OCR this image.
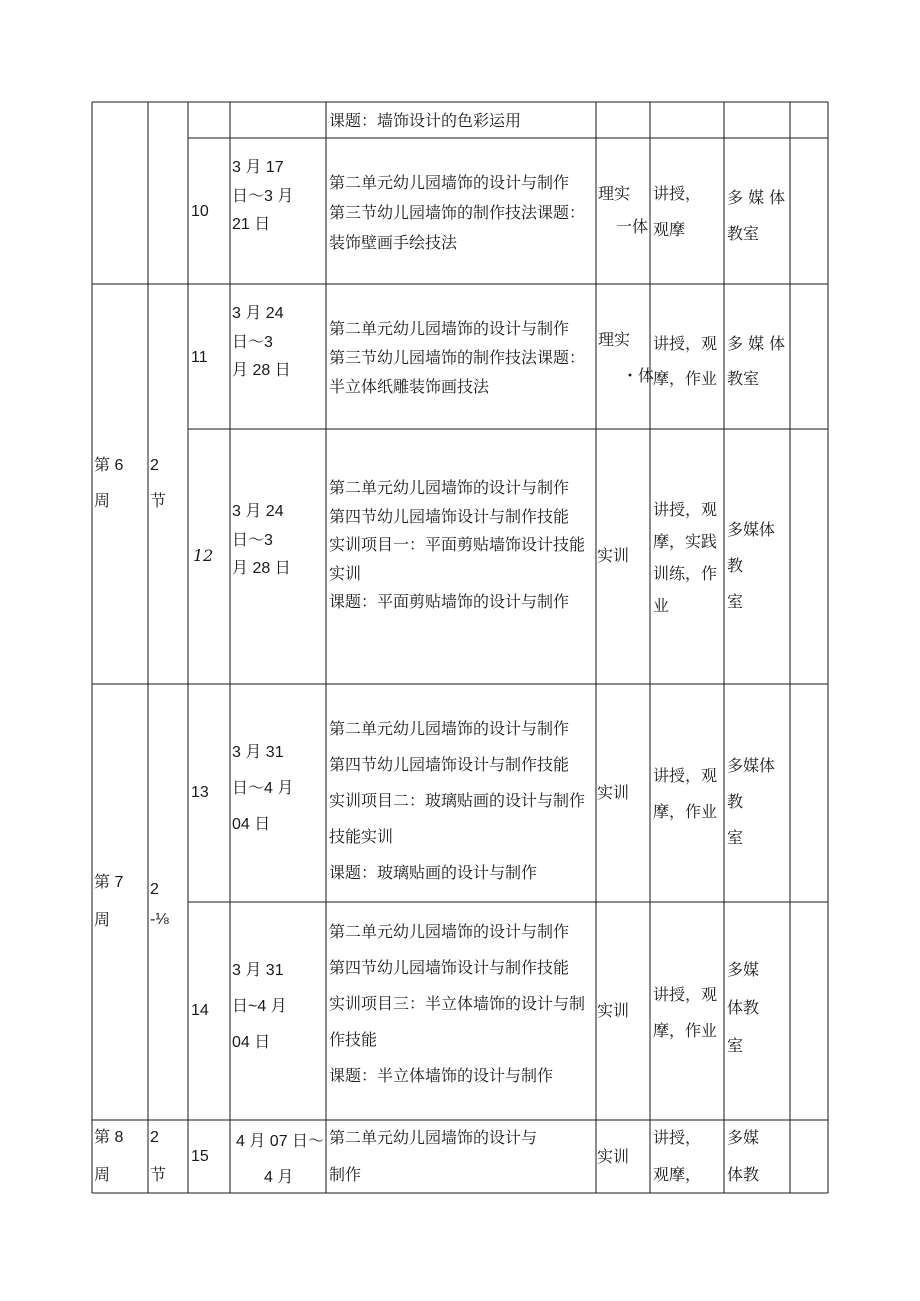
课题：墙饰设计的色彩运用
10
3 月 17
日～3 月
21 日
第二单元幼儿园墙饰的设计与制作
第三节幼儿园墙饰的制作技法课题：
装饰壁画手绘技法
理实
一体
讲授，
观摩
多 媒 体
教室
11
3 月 24
日～3
月 28 日
第二单元幼儿园墙饰的设计与制作
第三节幼儿园墙饰的制作技法课题：
半立体纸雕装饰画技法
理实
・体
讲授，观
摩，作业
多 媒 体
教室
12
3 月 24
日～3
月 28 日
第二单元幼儿园墙饰的设计与制作
第四节幼儿园墙饰设计与制作技能
实训项目一：平面剪贴墙饰设计技能
实训
课题：平面剪贴墙饰的设计与制作
实训
讲授，观
摩，实践
训练，作
业
多媒体
教
室
13
3 月 31
日～4 月
04 日
第二单元幼儿园墙饰的设计与制作
第四节幼儿园墙饰设计与制作技能
实训项目二：玻璃贴画的设计与制作
技能实训
课题：玻璃贴画的设计与制作
实训
讲授，观
摩，作业
多媒体
教
室
14
3 月 31
日~4 月
04 日
第二单元幼儿园墙饰的设计与制作
第四节幼儿园墙饰设计与制作技能
实训项目三：半立体墙饰的设计与制
作技能
课题：半立体墙饰的设计与制作
实训
讲授，观
摩，作业
多媒
体教
室
15
4 月 07 日～
4 月
第二单元幼儿园墙饰的设计与
制作
实训
讲授，
观摩，
多媒
体教
第 6
周
2
节
第 7
周
2
-⅛
第 8
周
2
节
